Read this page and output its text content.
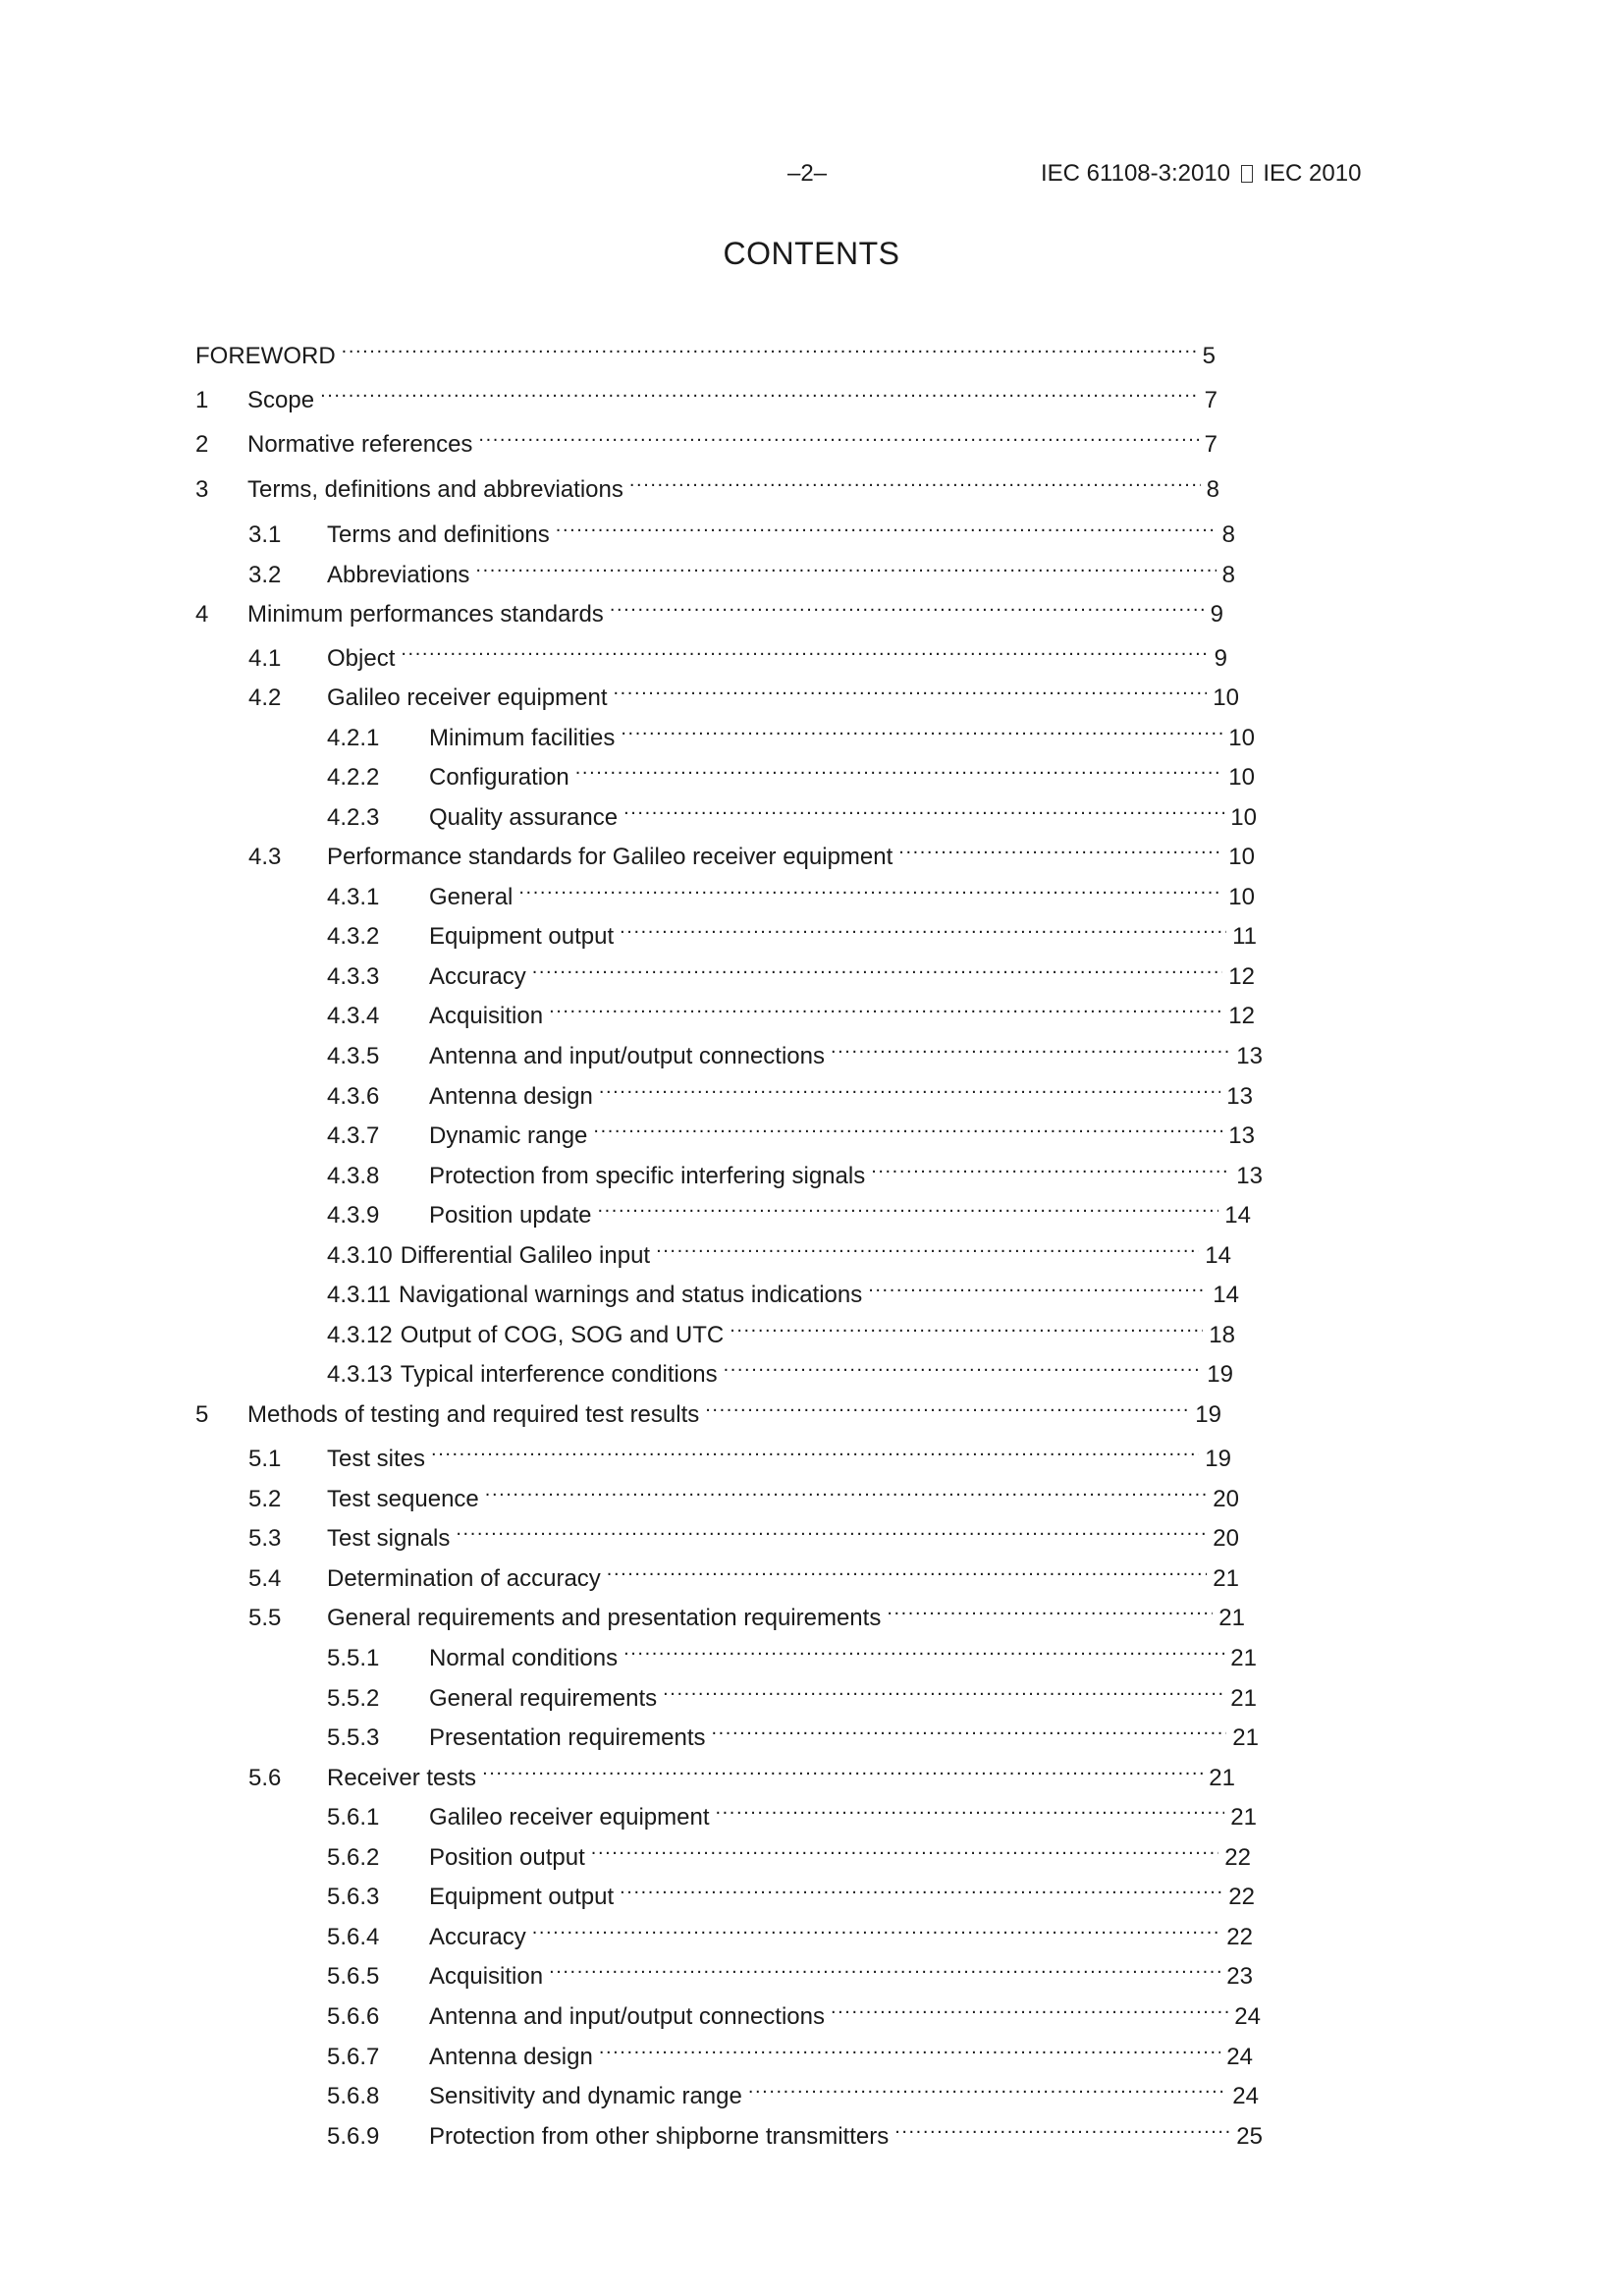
–2–	IEC 61108-3:2010 IEC 2010
CONTENTS
FOREWORD .....	5
1	Scope .....	7
2	Normative references .....	7
3	Terms, definitions and abbreviations .....	8
3.1	Terms and definitions .....	8
3.2	Abbreviations .....	8
4	Minimum performances standards .....	9
4.1	Object .....	9
4.2	Galileo receiver equipment .....	10
4.2.1	Minimum facilities .....	10
4.2.2	Configuration .....	10
4.2.3	Quality assurance .....	10
4.3	Performance standards for Galileo receiver equipment .....	10
4.3.1	General .....	10
4.3.2	Equipment output .....	11
4.3.3	Accuracy .....	12
4.3.4	Acquisition .....	12
4.3.5	Antenna and input/output connections .....	13
4.3.6	Antenna design .....	13
4.3.7	Dynamic range .....	13
4.3.8	Protection from specific interfering signals .....	13
4.3.9	Position update .....	14
4.3.10 Differential Galileo input .....	14
4.3.11 Navigational warnings and status indications .....	14
4.3.12 Output of COG, SOG and UTC .....	18
4.3.13 Typical interference conditions .....	19
5	Methods of testing and required test results .....	19
5.1	Test sites .....	19
5.2	Test sequence .....	20
5.3	Test signals .....	20
5.4	Determination of accuracy .....	21
5.5	General requirements and presentation requirements .....	21
5.5.1	Normal conditions .....	21
5.5.2	General requirements .....	21
5.5.3	Presentation requirements .....	21
5.6	Receiver tests .....	21
5.6.1	Galileo receiver equipment .....	21
5.6.2	Position output .....	22
5.6.3	Equipment output .....	22
5.6.4	Accuracy .....	22
5.6.5	Acquisition .....	23
5.6.6	Antenna and input/output connections .....	24
5.6.7	Antenna design .....	24
5.6.8	Sensitivity and dynamic range .....	24
5.6.9	Protection from other shipborne transmitters .....	25
